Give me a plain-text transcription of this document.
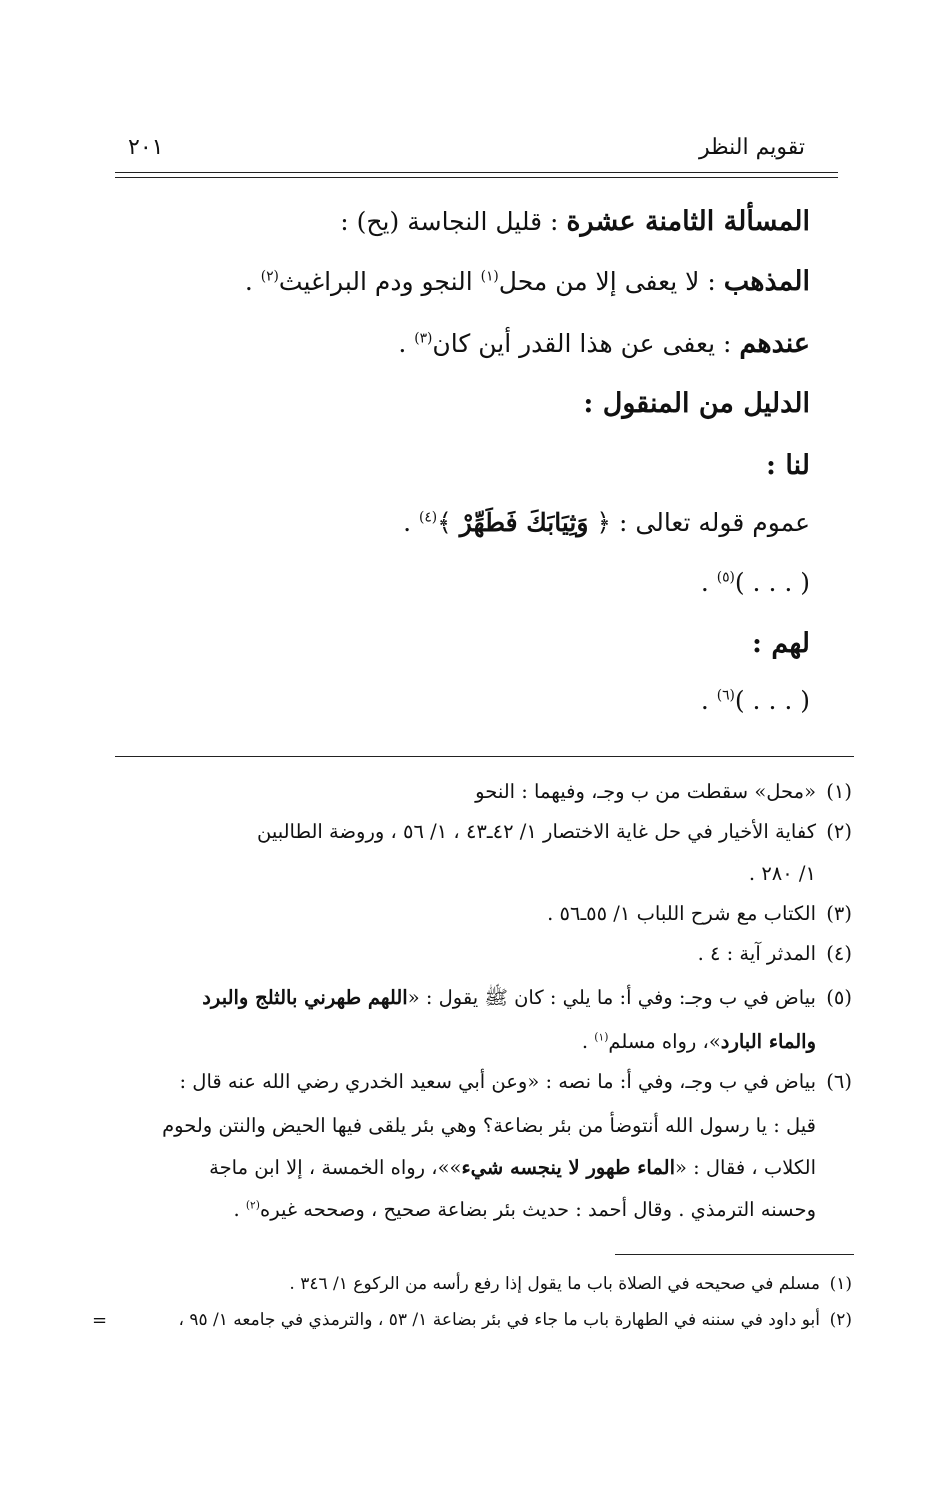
تقويم النظر
٢٠١
المسألة الثامنة عشرة : قليل النجاسة (يح) :
المذهب : لا يعفى إلا من محل$^{(١)}$ النجو ودم البراغيث$^{(٢)}$ .
عندهم : يعفى عن هذا القدر أين كان$^{(٣)}$ .
الدليل من المنقول :
لنا :
عموم قوله تعالى : ﴿ وَثِيَابَكَ فَطَهِّرْ ﴾$^{(٤)}$ .
( . . . )$^{(٥)}$ .
لهم :
( . . . )$^{(٦)}$ .
(١)«محل» سقطت من ب وجـ، وفيهما : النحو
(٢)كفاية الأخيار في حل غاية الاختصار ١/ ٤٢ـ٤٣ ، ١/ ٥٦ ، وروضة الطالبين
١/ ٢٨٠ .
(٣)الكتاب مع شرح اللباب ١/ ٥٥ـ٥٦ .
(٤)المدثر آية : ٤ .
(٥)بياض في ب وجـ: وفي أ: ما يلي : كان ﷺ يقول : «اللهم طهرني بالثلج والبرد
والماء البارد»، رواه مسلم$^{(١)}$ .
(٦)بياض في ب وجـ، وفي أ: ما نصه : «وعن أبي سعيد الخدري رضي الله عنه قال :
قيل : يا رسول الله أنتوضأ من بئر بضاعة؟ وهي بئر يلقى فيها الحيض والنتن ولحوم
الكلاب ، فقال : «الماء طهور لا ينجسه شيء»»، رواه الخمسة ، إلا ابن ماجة
وحسنه الترمذي . وقال أحمد : حديث بئر بضاعة صحيح ، وصححه غيره$^{(٢)}$ .
(١)مسلم في صحيحه في الصلاة باب ما يقول إذا رفع رأسه من الركوع ١/ ٣٤٦ .
(٢)أبو داود في سننه في الطهارة باب ما جاء في بئر بضاعة ١/ ٥٣ ، والترمذي في جامعه ١/ ٩٥ ،
=
